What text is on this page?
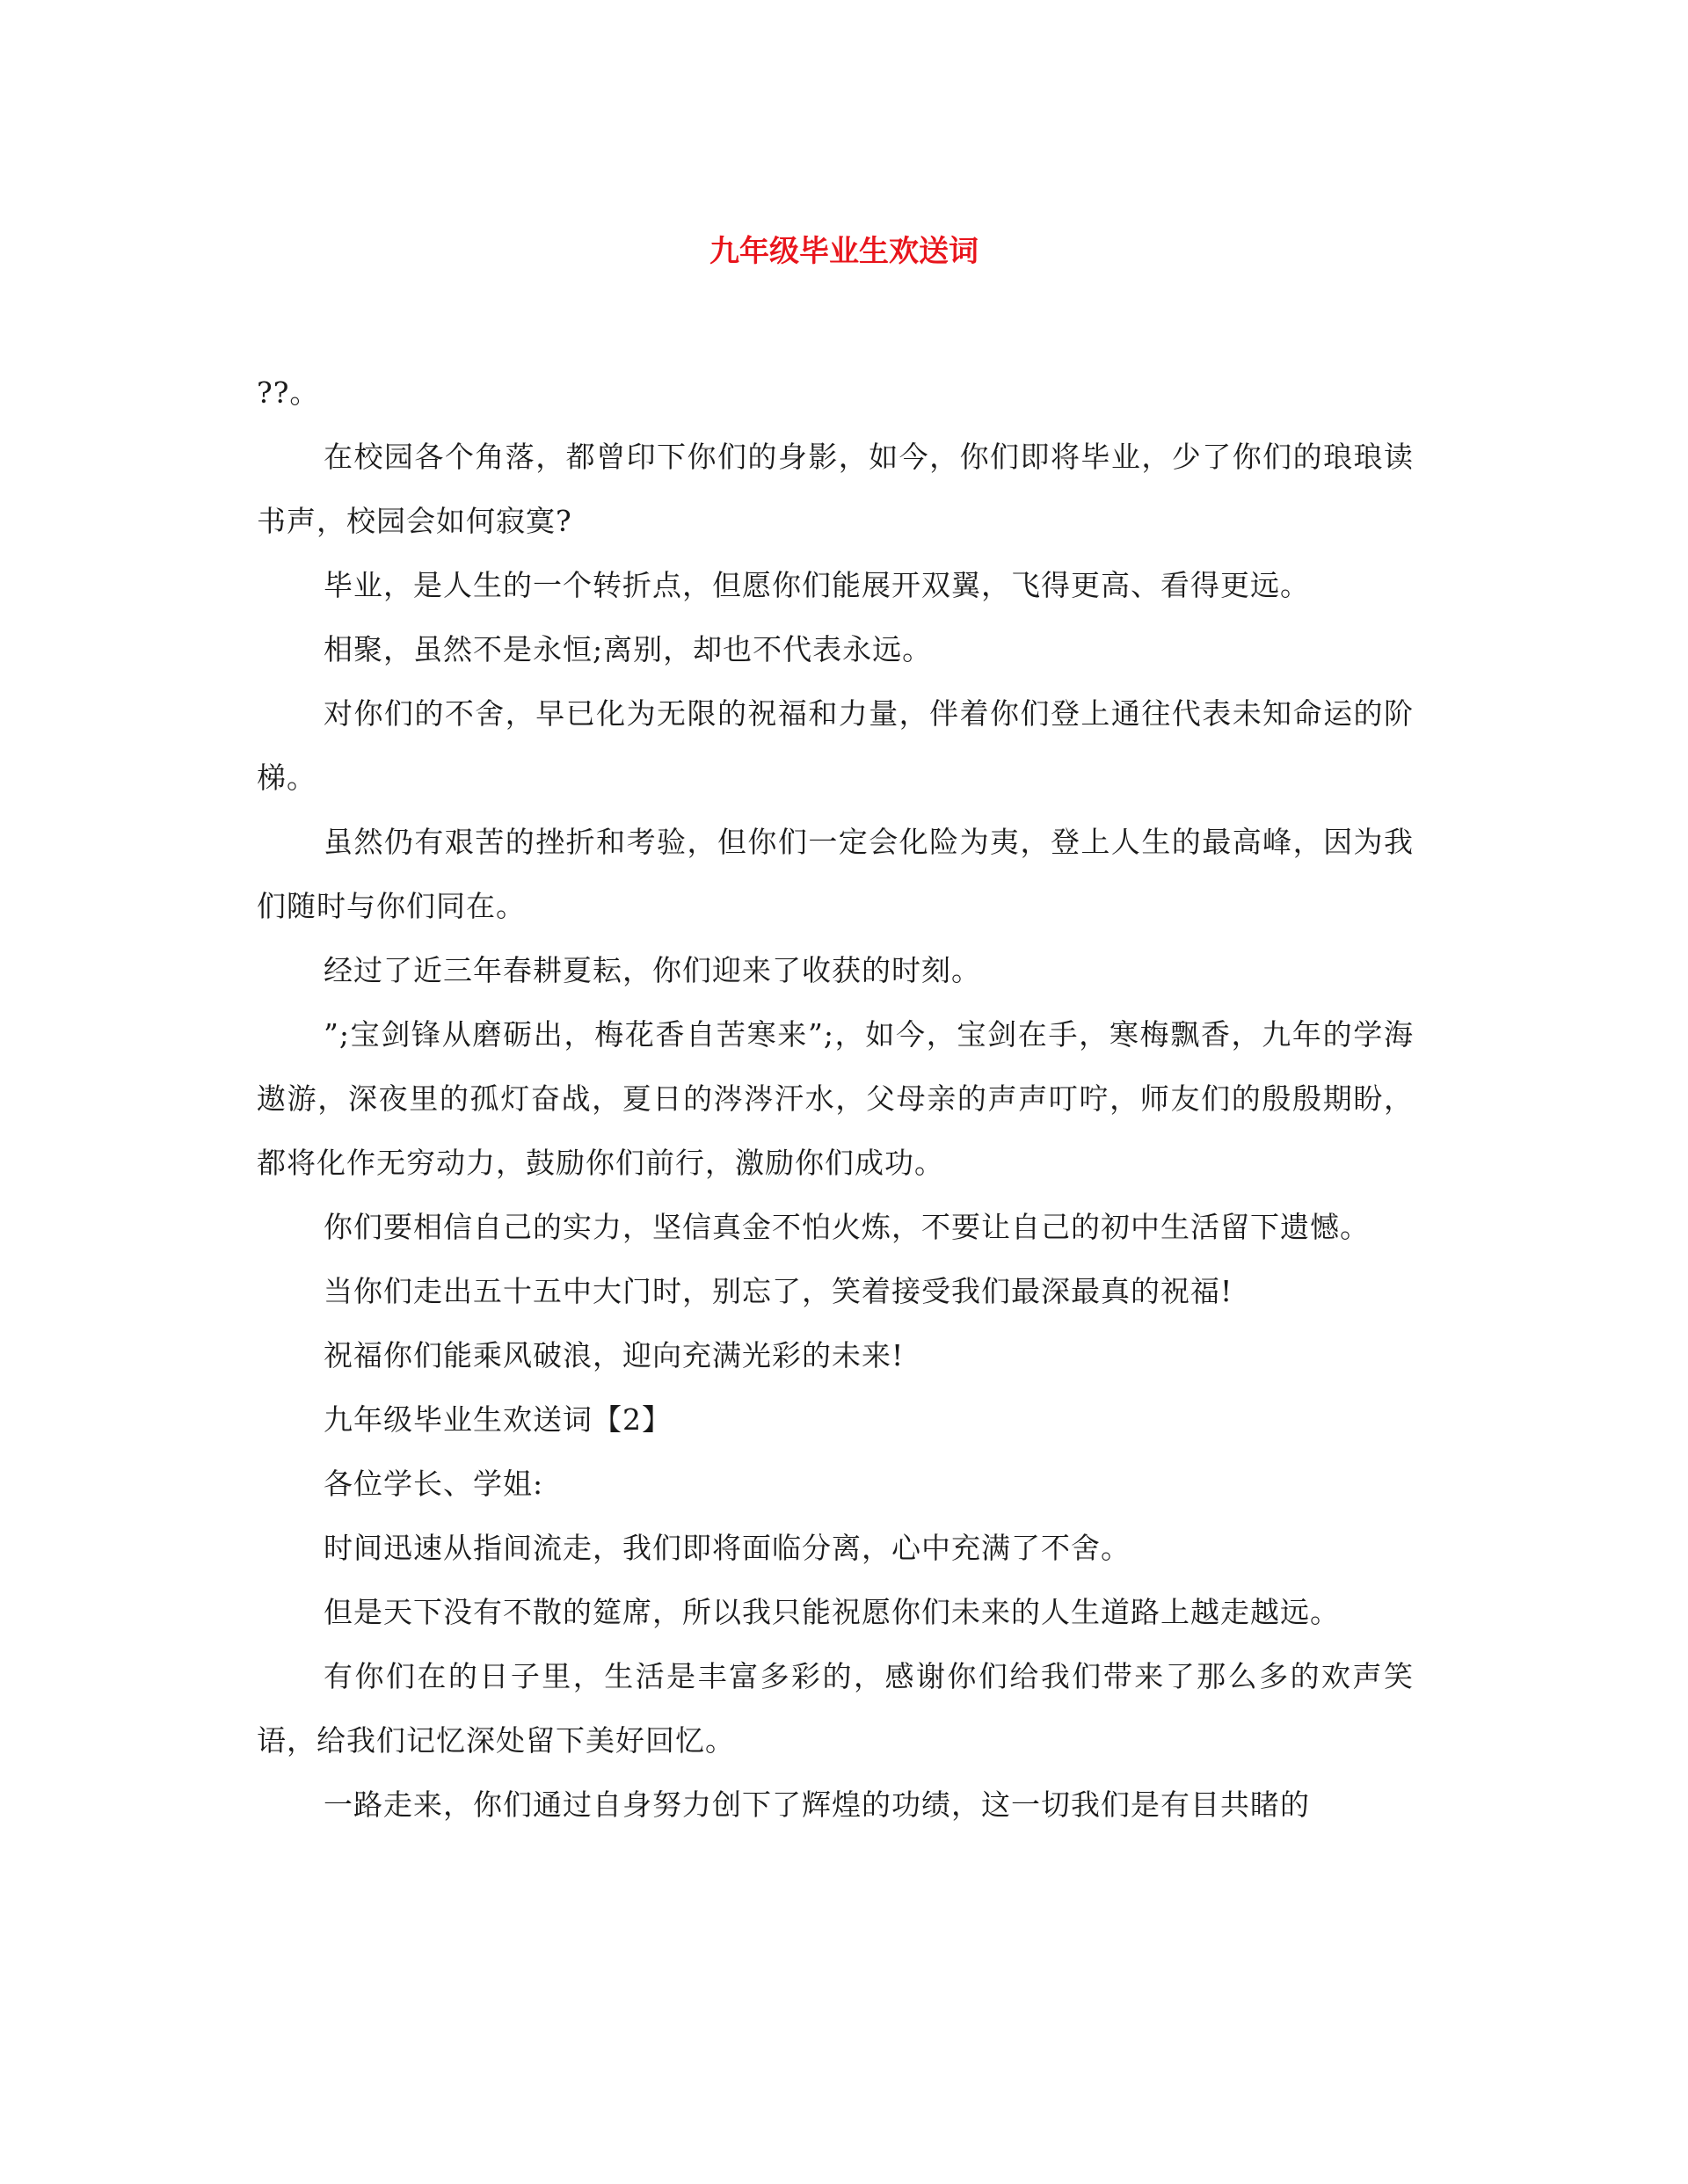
九年级毕业生欢送词

??。

在校园各个角落，都曾印下你们的身影，如今，你们即将毕业，少了你们的琅琅读书声，校园会如何寂寞?

毕业，是人生的一个转折点，但愿你们能展开双翼，飞得更高、看得更远。

相聚，虽然不是永恒;离别，却也不代表永远。

对你们的不舍，早已化为无限的祝福和力量，伴着你们登上通往代表未知命运的阶梯。

虽然仍有艰苦的挫折和考验，但你们一定会化险为夷，登上人生的最高峰，因为我们随时与你们同在。

经过了近三年春耕夏耘，你们迎来了收获的时刻。

”;宝剑锋从磨砺出，梅花香自苦寒来”;，如今，宝剑在手，寒梅飘香，九年的学海遨游，深夜里的孤灯奋战，夏日的涔涔汗水，父母亲的声声叮咛，师友们的殷殷期盼，都将化作无穷动力，鼓励你们前行，激励你们成功。

你们要相信自己的实力，坚信真金不怕火炼，不要让自己的初中生活留下遗憾。

当你们走出五十五中大门时，别忘了，笑着接受我们最深最真的祝福!

祝福你们能乘风破浪，迎向充满光彩的未来!

九年级毕业生欢送词【2】

各位学长、学姐:

时间迅速从指间流走，我们即将面临分离，心中充满了不舍。

但是天下没有不散的筵席，所以我只能祝愿你们未来的人生道路上越走越远。

有你们在的日子里，生活是丰富多彩的，感谢你们给我们带来了那么多的欢声笑语，给我们记忆深处留下美好回忆。

一路走来，你们通过自身努力创下了辉煌的功绩，这一切我们是有目共睹的
